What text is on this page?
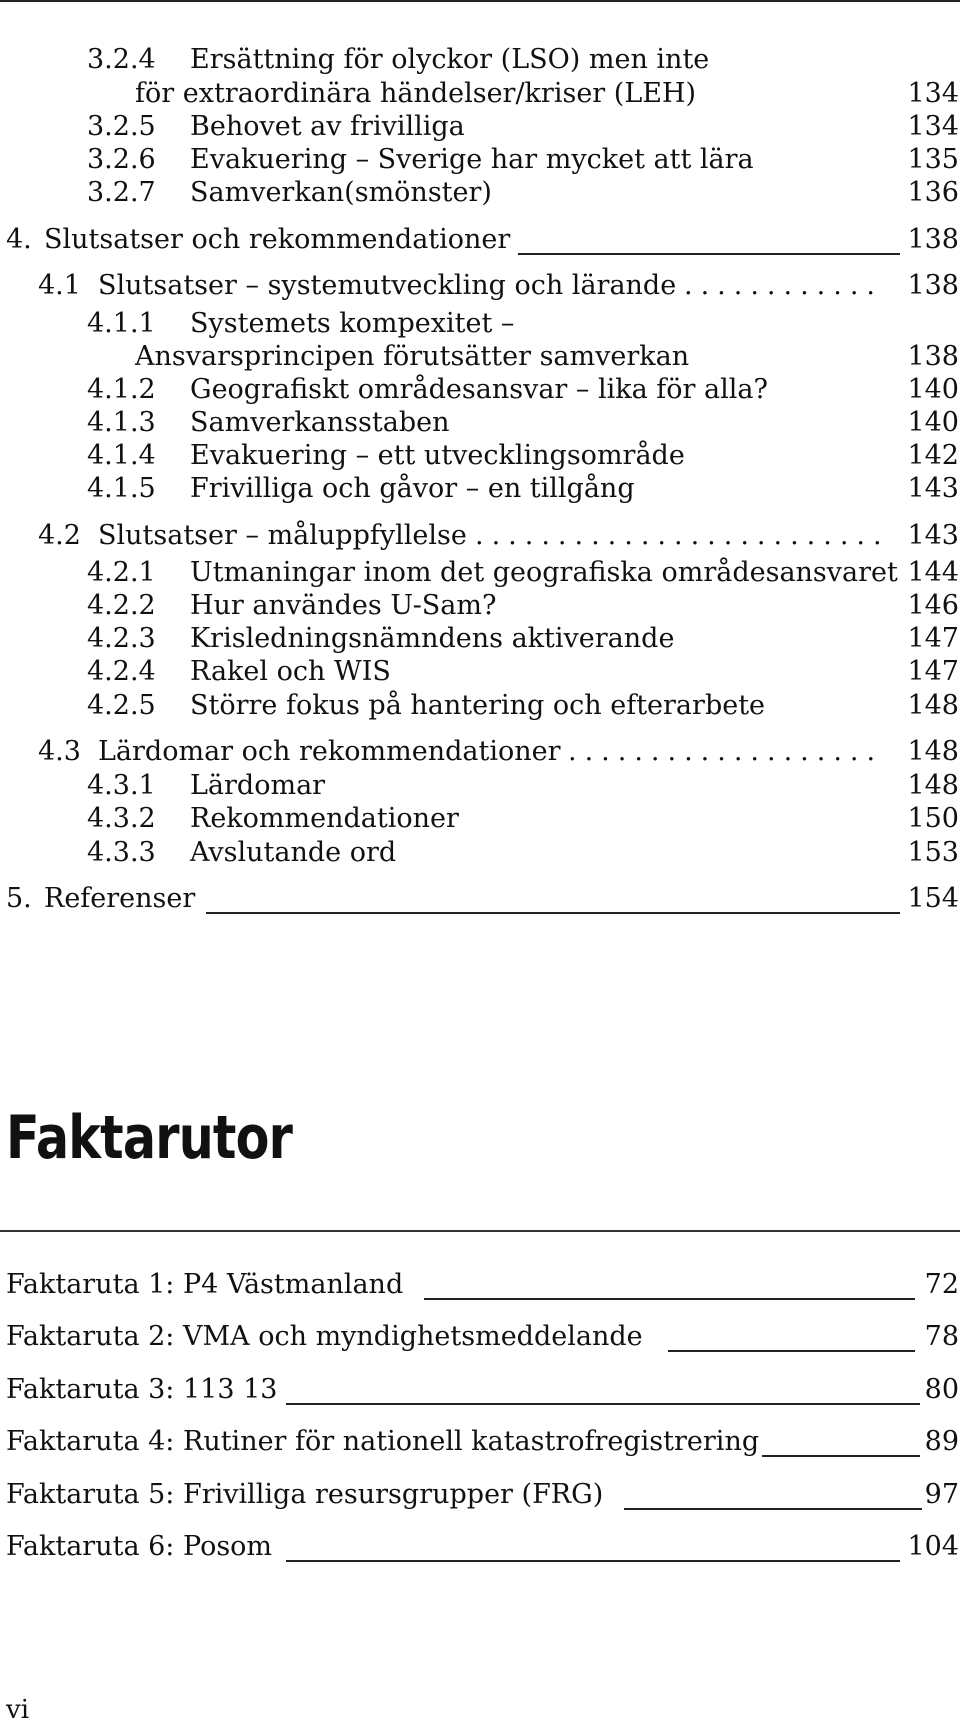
3.2.4 Ersättning för olyckor (LSO) men inte
för extraordinära händelser/kriser (LEH)	134
3.2.5 Behovet av frivilliga	134
3.2.6 Evakuering – Sverige har mycket att lära	135
3.2.7 Samverkan(smönster)	136
4. Slutsatser och rekommendationer	138
4.1 Slutsatser – systemutveckling och lärande ............ 138
4.1.1 Systemets kompexitet –
Ansvarsprincipen förutsätter samverkan	138
4.1.2 Geografiskt områdesansvar – lika för alla?	140
4.1.3 Samverkansstaben	140
4.1.4 Evakuering – ett utvecklingsområde	142
4.1.5 Frivilliga och gåvor – en tillgång	143
4.2 Slutsatser – måluppfyllelse ......................... 143
4.2.1 Utmaningar inom det geografiska områdesansvaret 144
4.2.2 Hur användes U-Sam?	146
4.2.3 Krisledningsnämndens aktiverande	147
4.2.4 Rakel och WIS	147
4.2.5 Större fokus på hantering och efterarbete	148
4.3 Lärdomar och rekommendationer ................... 148
4.3.1 Lärdomar	148
4.3.2 Rekommendationer	150
4.3.3 Avslutande ord	153
5. Referenser	154
Faktarutor
Faktaruta 1: P4 Västmanland	72
Faktaruta 2: VMA och myndighetsmeddelande	78
Faktaruta 3: 113 13	80
Faktaruta 4: Rutiner för nationell katastrofregistrering	89
Faktaruta 5: Frivilliga resursgrupper (FRG)	97
Faktaruta 6: Posom	104
vi
